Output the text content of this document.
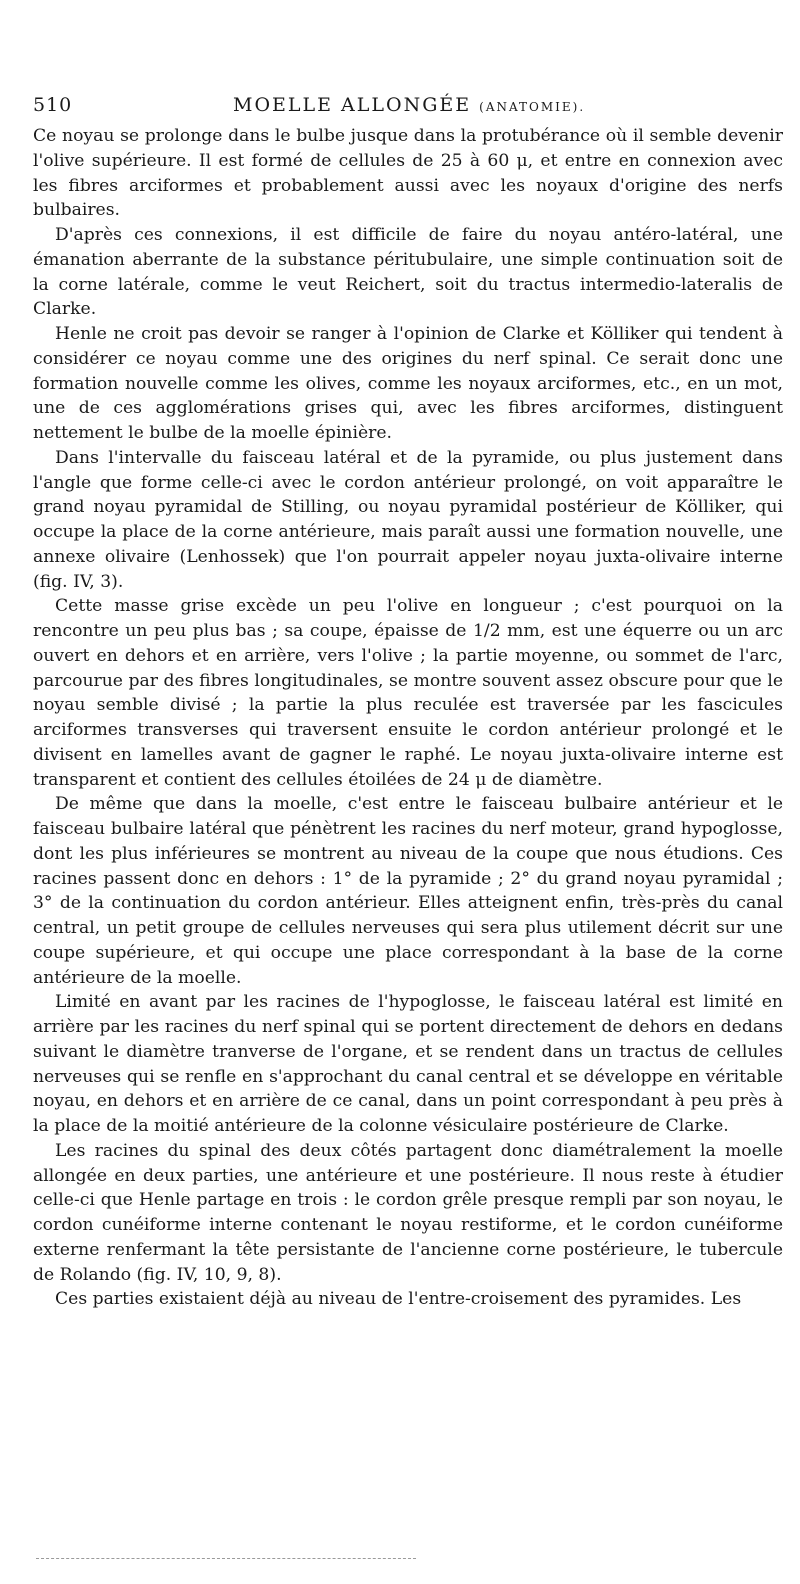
510	MOELLE ALLONGÉE (ANATOMIE).

Ce noyau se prolonge dans le bulbe jusque dans la protubérance où il semble devenir l'olive supérieure. Il est formé de cellules de 25 à 60 μ, et entre en connexion avec les fibres arciformes et probablement aussi avec les noyaux d'origine des nerfs bulbaires.

D'après ces connexions, il est difficile de faire du noyau antéro-latéral, une émanation aberrante de la substance péritubulaire, une simple continuation soit de la corne latérale, comme le veut Reichert, soit du tractus intermedio-lateralis de Clarke.

Henle ne croit pas devoir se ranger à l'opinion de Clarke et Kölliker qui tendent à considérer ce noyau comme une des origines du nerf spinal. Ce serait donc une formation nouvelle comme les olives, comme les noyaux arciformes, etc., en un mot, une de ces agglomérations grises qui, avec les fibres arciformes, distinguent nettement le bulbe de la moelle épinière.

Dans l'intervalle du faisceau latéral et de la pyramide, ou plus justement dans l'angle que forme celle-ci avec le cordon antérieur prolongé, on voit apparaître le grand noyau pyramidal de Stilling, ou noyau pyramidal postérieur de Kölliker, qui occupe la place de la corne antérieure, mais paraît aussi une formation nouvelle, une annexe olivaire (Lenhossek) que l'on pourrait appeler noyau juxta-olivaire interne (fig. IV, 3).

Cette masse grise excède un peu l'olive en longueur ; c'est pourquoi on la rencontre un peu plus bas ; sa coupe, épaisse de 1/2 mm, est une équerre ou un arc ouvert en dehors et en arrière, vers l'olive ; la partie moyenne, ou sommet de l'arc, parcourue par des fibres longitudinales, se montre souvent assez obscure pour que le noyau semble divisé ; la partie la plus reculée est traversée par les fascicules arciformes transverses qui traversent ensuite le cordon antérieur prolongé et le divisent en lamelles avant de gagner le raphé. Le noyau juxta-olivaire interne est transparent et contient des cellules étoilées de 24 μ de diamètre.

De même que dans la moelle, c'est entre le faisceau bulbaire antérieur et le faisceau bulbaire latéral que pénètrent les racines du nerf moteur, grand hypoglosse, dont les plus inférieures se montrent au niveau de la coupe que nous étudions. Ces racines passent donc en dehors : 1° de la pyramide ; 2° du grand noyau pyramidal ; 3° de la continuation du cordon antérieur. Elles atteignent enfin, très-près du canal central, un petit groupe de cellules nerveuses qui sera plus utilement décrit sur une coupe supérieure, et qui occupe une place correspondant à la base de la corne antérieure de la moelle.

Limité en avant par les racines de l'hypoglosse, le faisceau latéral est limité en arrière par les racines du nerf spinal qui se portent directement de dehors en dedans suivant le diamètre tranverse de l'organe, et se rendent dans un tractus de cellules nerveuses qui se renfle en s'approchant du canal central et se développe en véritable noyau, en dehors et en arrière de ce canal, dans un point correspondant à peu près à la place de la moitié antérieure de la colonne vésiculaire postérieure de Clarke.

Les racines du spinal des deux côtés partagent donc diamétralement la moelle allongée en deux parties, une antérieure et une postérieure. Il nous reste à étudier celle-ci que Henle partage en trois : le cordon grêle presque rempli par son noyau, le cordon cunéiforme interne contenant le noyau restiforme, et le cordon cunéiforme externe renfermant la tête persistante de l'ancienne corne postérieure, le tubercule de Rolando (fig. IV, 10, 9, 8).

Ces parties existaient déjà au niveau de l'entre-croisement des pyramides. Les
